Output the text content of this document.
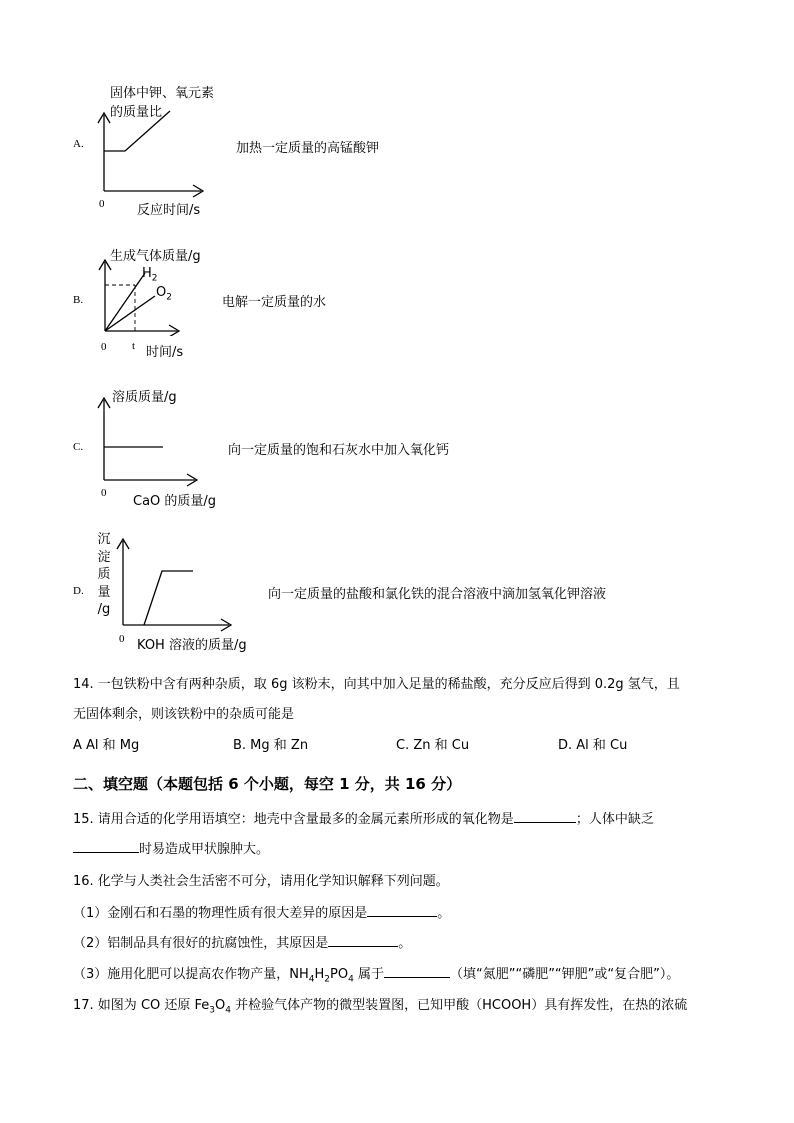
A.
固体中钾、氧元素
的质量比
0	反应时间/s
加热一定质量的高锰酸钾
B.
生成气体质量/g
$H_2$
$O_2$
0 t 时间/s
电解一定质量的水
C.
溶质质量/g
0
CaO 的质量/g
向一定质量的饱和石灰水中加入氧化钙
D.
沉
淀
质
量
/g
0 KOH 溶液的质量/g
向一定质量的盐酸和氯化铁的混合溶液中滴加氢氧化钾溶液
14. 一包铁粉中含有两种杂质，取 6g 该粉末，向其中加入足量的稀盐酸，充分反应后得到 0.2g 氢气，且
无固体剩余，则该铁粉中的杂质可能是
A Al 和 Mg	B. Mg 和 Zn	C. Zn 和 Cu	D. Al 和 Cu
二、填空题（本题包括 6 个小题，每空 1 分，共 16 分）
15. 请用合适的化学用语填空：地壳中含量最多的金属元素所形成的氧化物是	；人体中缺乏
时易造成甲状腺肿大。
16. 化学与人类社会生活密不可分，请用化学知识解释下列问题。
（1）金刚石和石墨的物理性质有很大差异的原因是	。
（2）铝制品具有很好的抗腐蚀性，其原因是	。
（3）施用化肥可以提高农作物产量，$NH_4H_2PO_4$ 属于	（填“氮肥”“磷肥”“钾肥”或“复合肥”）。
17. 如图为 CO 还原 $Fe_3O_4$ 并检验气体产物的微型装置图，已知甲酸（HCOOH）具有挥发性，在热的浓硫
